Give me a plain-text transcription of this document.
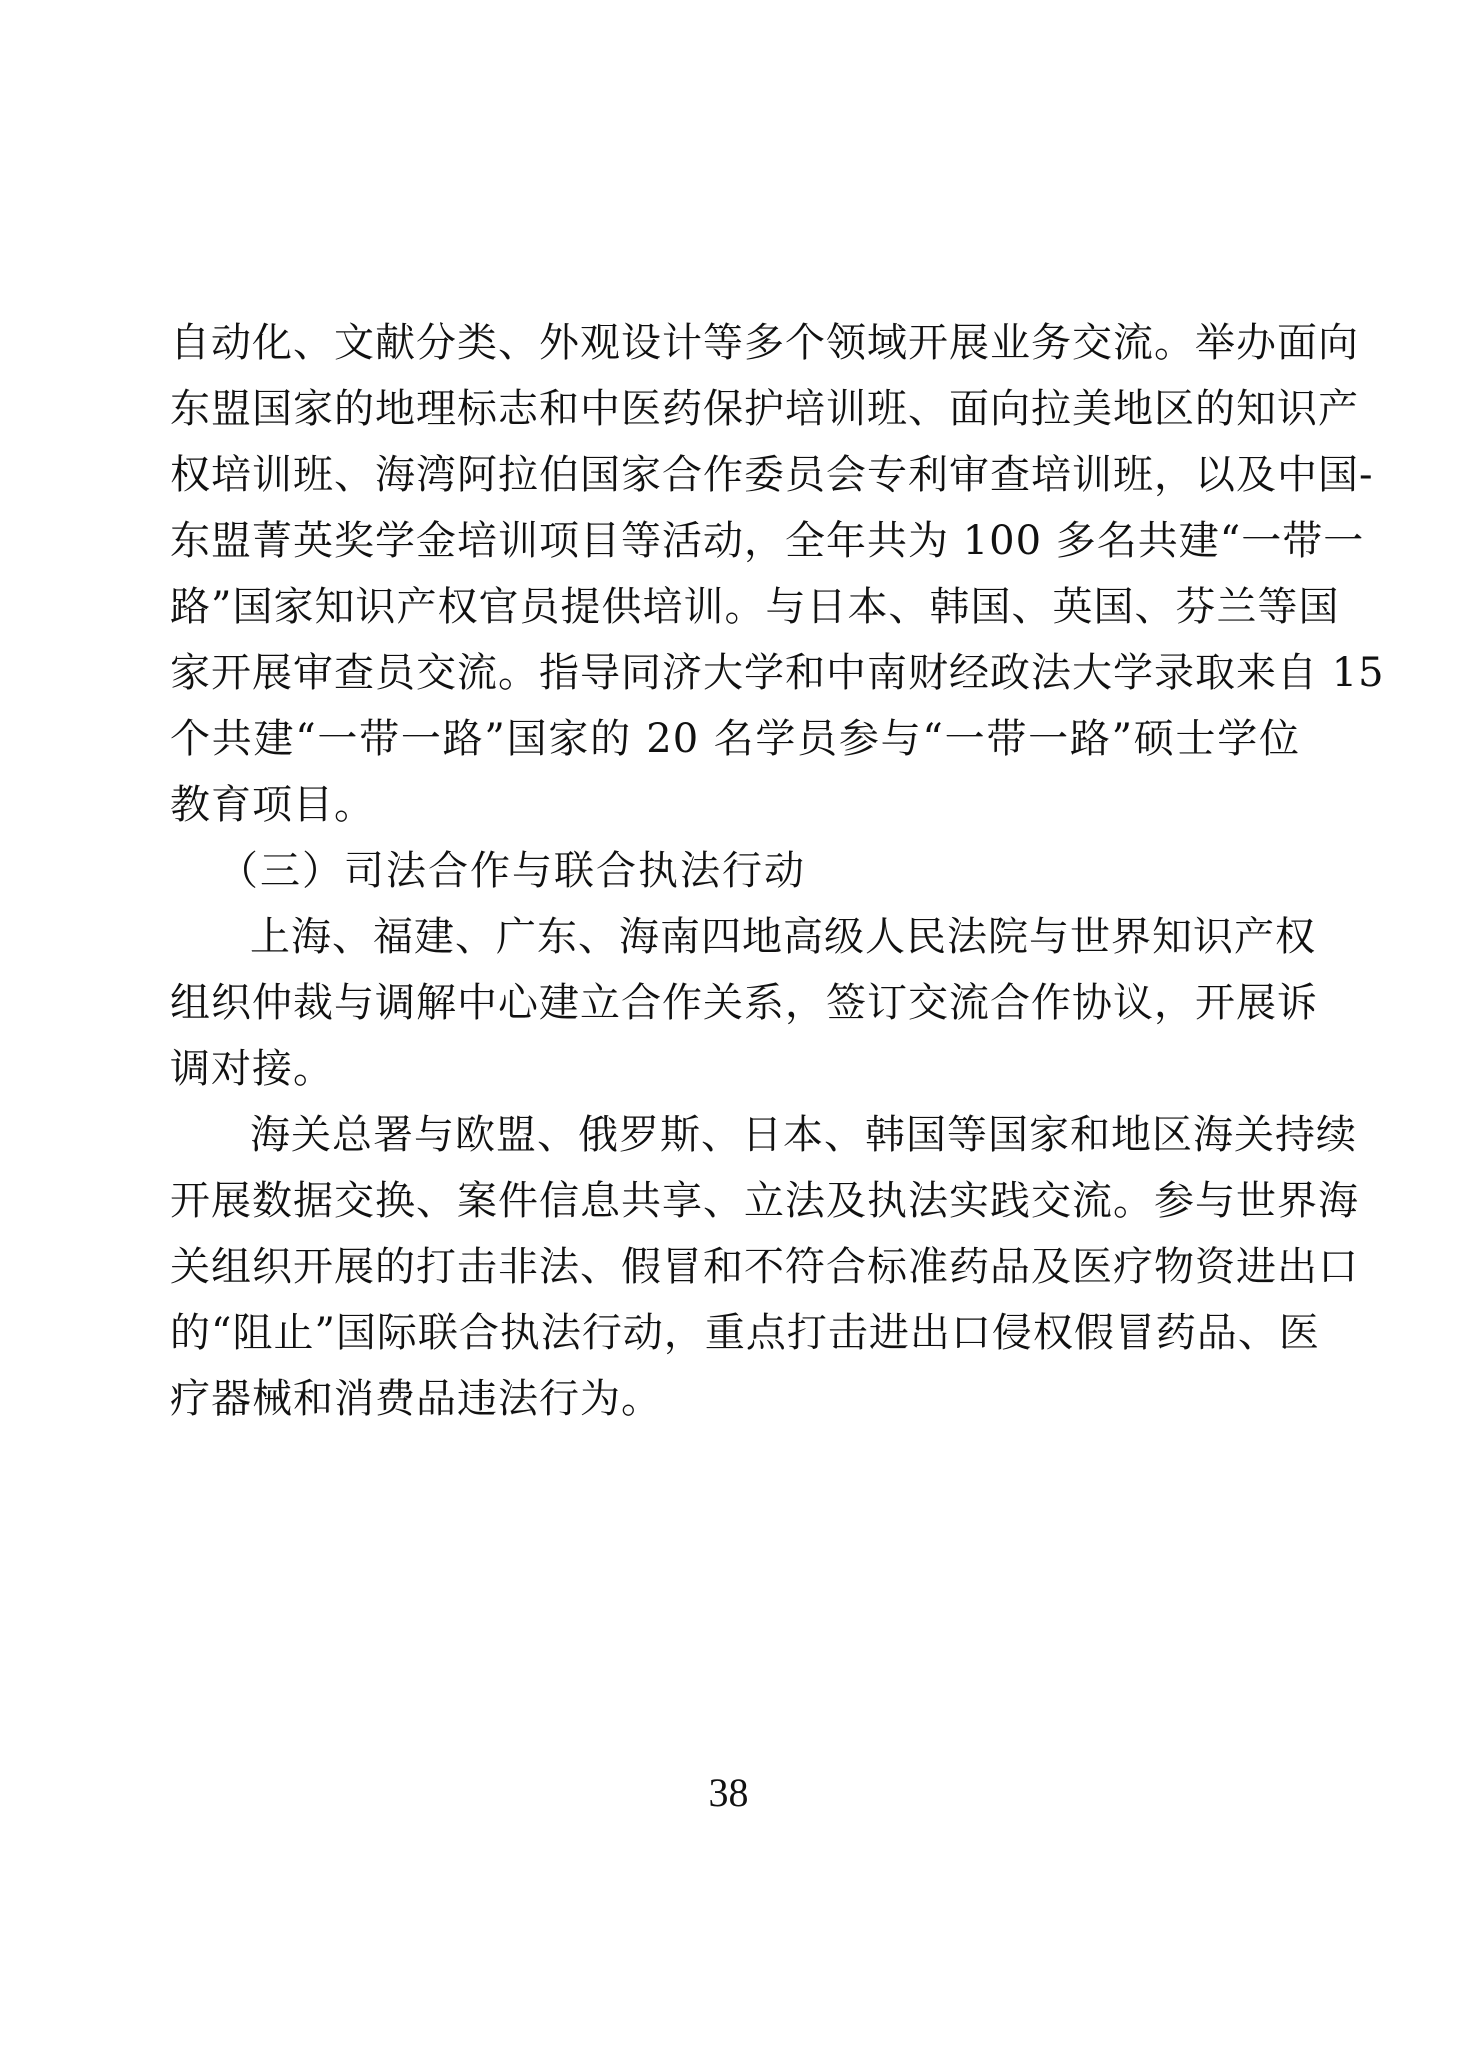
自动化、文献分类、外观设计等多个领域开展业务交流。举办面向
东盟国家的地理标志和中医药保护培训班、面向拉美地区的知识产
权培训班、海湾阿拉伯国家合作委员会专利审查培训班，以及中国-
东盟菁英奖学金培训项目等活动，全年共为 100 多名共建“一带一
路”国家知识产权官员提供培训。与日本、韩国、英国、芬兰等国
家开展审查员交流。指导同济大学和中南财经政法大学录取来自 15
个共建“一带一路”国家的 20 名学员参与“一带一路”硕士学位
教育项目。
（三）司法合作与联合执法行动
上海、福建、广东、海南四地高级人民法院与世界知识产权
组织仲裁与调解中心建立合作关系，签订交流合作协议，开展诉
调对接。
海关总署与欧盟、俄罗斯、日本、韩国等国家和地区海关持续
开展数据交换、案件信息共享、立法及执法实践交流。参与世界海
关组织开展的打击非法、假冒和不符合标准药品及医疗物资进出口
的“阻止”国际联合执法行动，重点打击进出口侵权假冒药品、医
疗器械和消费品违法行为。
38
